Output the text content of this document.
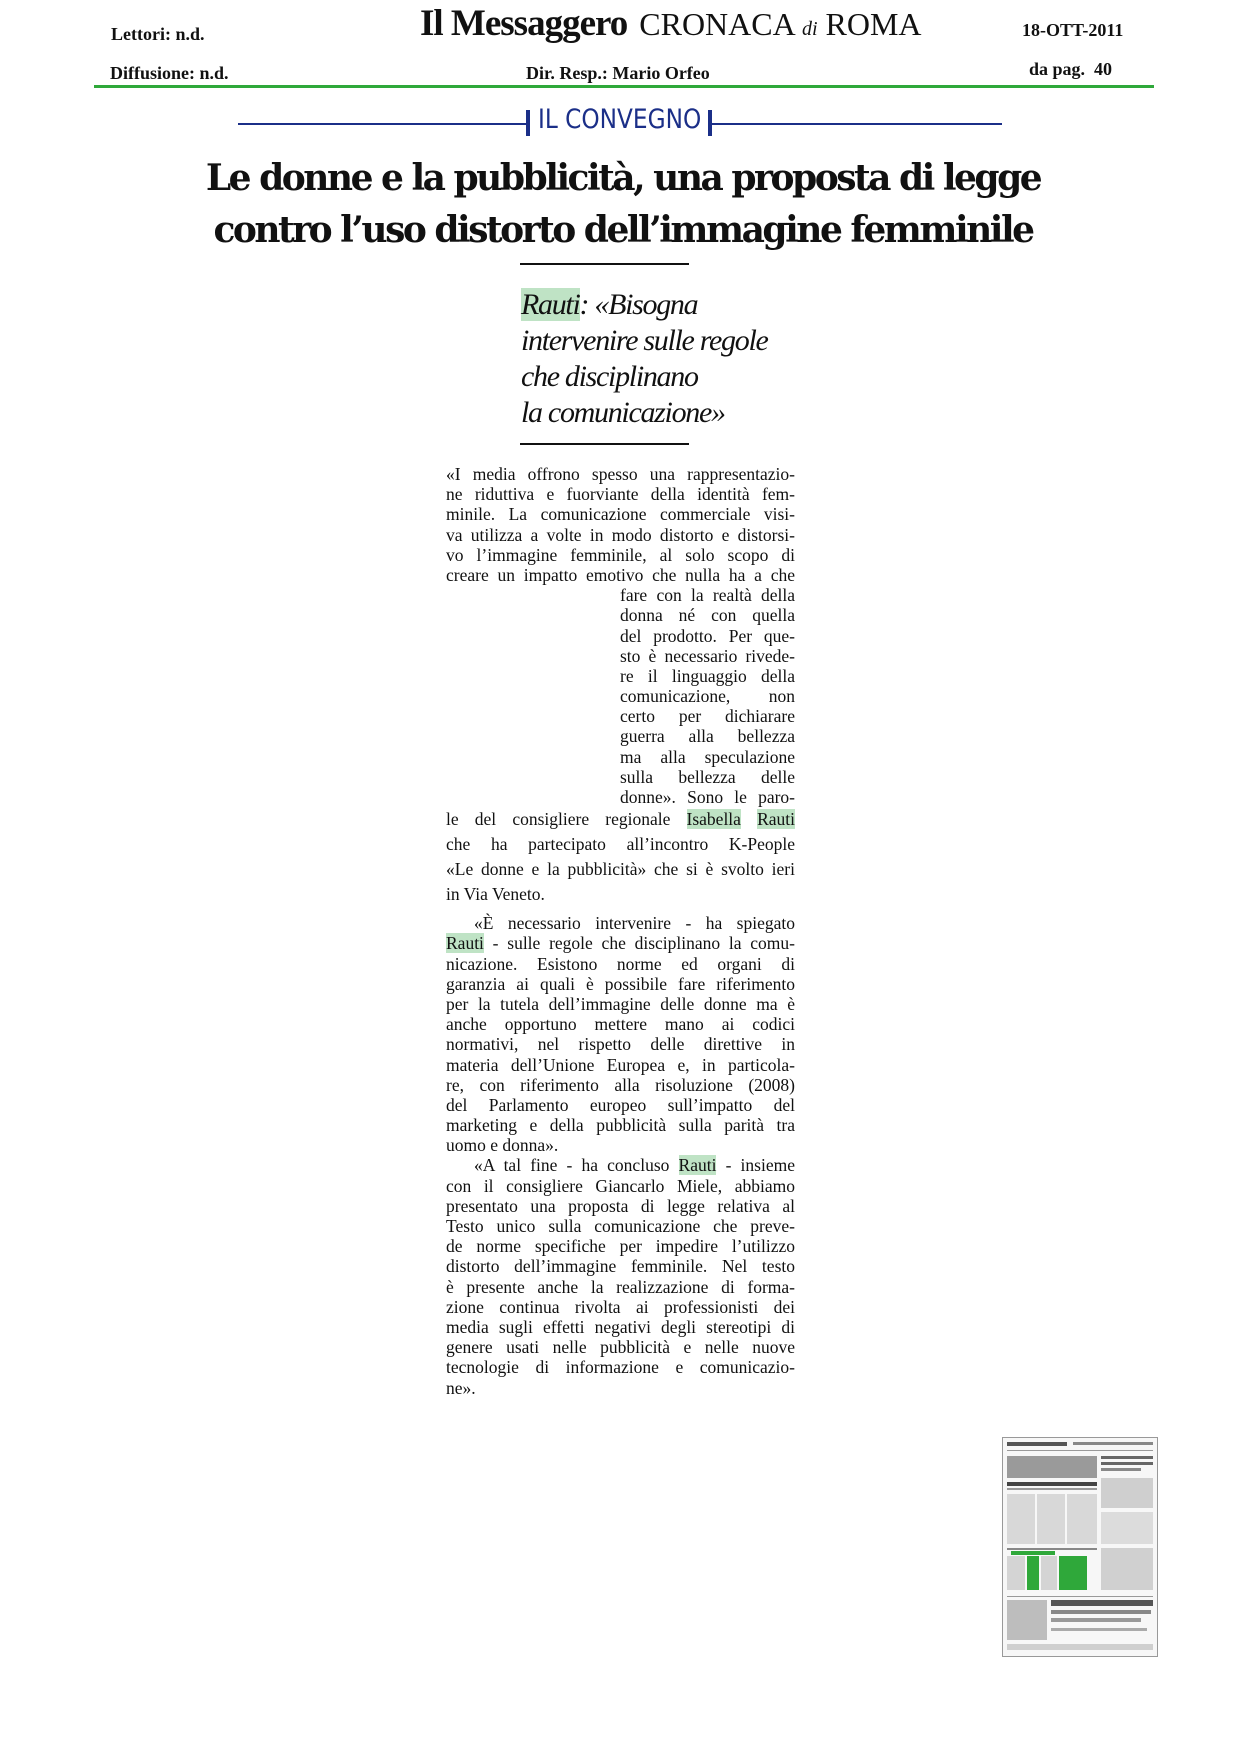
Lettori: n.d.
Diffusione: n.d.
Il Messaggero CRONACA di ROMA
Dir. Resp.: Mario Orfeo
18-OTT-2011
da pag. 40
IL CONVEGNO
Le donne e la pubblicità, una proposta di legge
contro l’uso distorto dell’immagine femminile
Rauti: «Bisogna
intervenire sulle regole
che disciplinano
la comunicazione»
«I media offrono spesso una rappresentazio-
ne riduttiva e fuorviante della identità fem-
minile. La comunicazione commerciale visi-
va utilizza a volte in modo distorto e distorsi-
vo l’immagine femminile, al solo scopo di
creare un impatto emotivo che nulla ha a che
fare con la realtà della
donna né con quella
del prodotto. Per que-
sto è necessario rivede-
re il linguaggio della
comunicazione, non
certo per dichiarare
guerra alla bellezza
ma alla speculazione
sulla bellezza delle
donne». Sono le paro-
le del consigliere regionale Isabella Rauti
che ha partecipato all’incontro K-People
«Le donne e la pubblicità» che si è svolto ieri
in Via Veneto.
«È necessario intervenire - ha spiegato
Rauti - sulle regole che disciplinano la comu-
nicazione. Esistono norme ed organi di
garanzia ai quali è possibile fare riferimento
per la tutela dell’immagine delle donne ma è
anche opportuno mettere mano ai codici
normativi, nel rispetto delle direttive in
materia dell’Unione Europea e, in particola-
re, con riferimento alla risoluzione (2008)
del Parlamento europeo sull’impatto del
marketing e della pubblicità sulla parità tra
uomo e donna».
«A tal fine - ha concluso Rauti - insieme
con il consigliere Giancarlo Miele, abbiamo
presentato una proposta di legge relativa al
Testo unico sulla comunicazione che preve-
de norme specifiche per impedire l’utilizzo
distorto dell’immagine femminile. Nel testo
è presente anche la realizzazione di forma-
zione continua rivolta ai professionisti dei
media sugli effetti negativi degli stereotipi di
genere usati nelle pubblicità e nelle nuove
tecnologie di informazione e comunicazio-
ne».
